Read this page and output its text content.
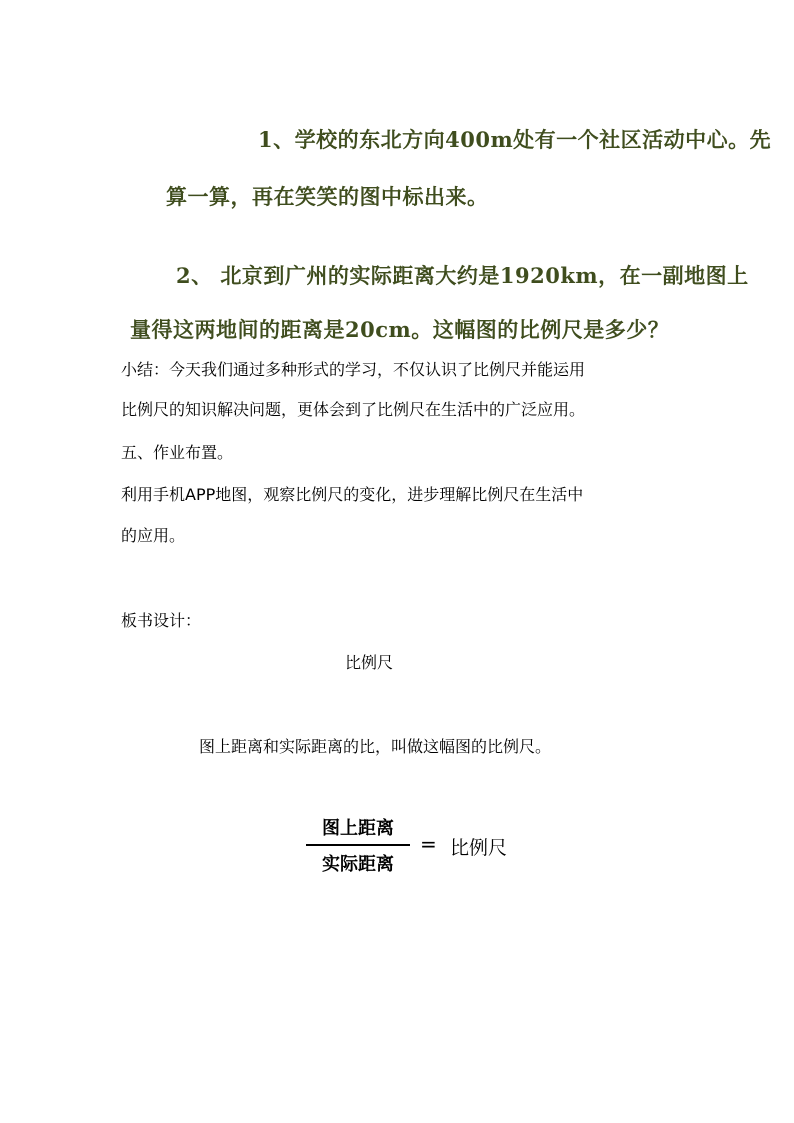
1、学校的东北方向400m处有一个社区活动中心。先
算一算，再在笑笑的图中标出来。
2、 北京到广州的实际距离大约是1920km，在一副地图上
量得这两地间的距离是20cm。这幅图的比例尺是多少？
小结：今天我们通过多种形式的学习，不仅认识了比例尺并能运用
比例尺的知识解决问题，更体会到了比例尺在生活中的广泛应用。
五、作业布置。
利用手机APP地图，观察比例尺的变化，进步理解比例尺在生活中
的应用。
板书设计：
比例尺
图上距离和实际距离的比，叫做这幅图的比例尺。
图上距离
实际距离
= 比例尺
